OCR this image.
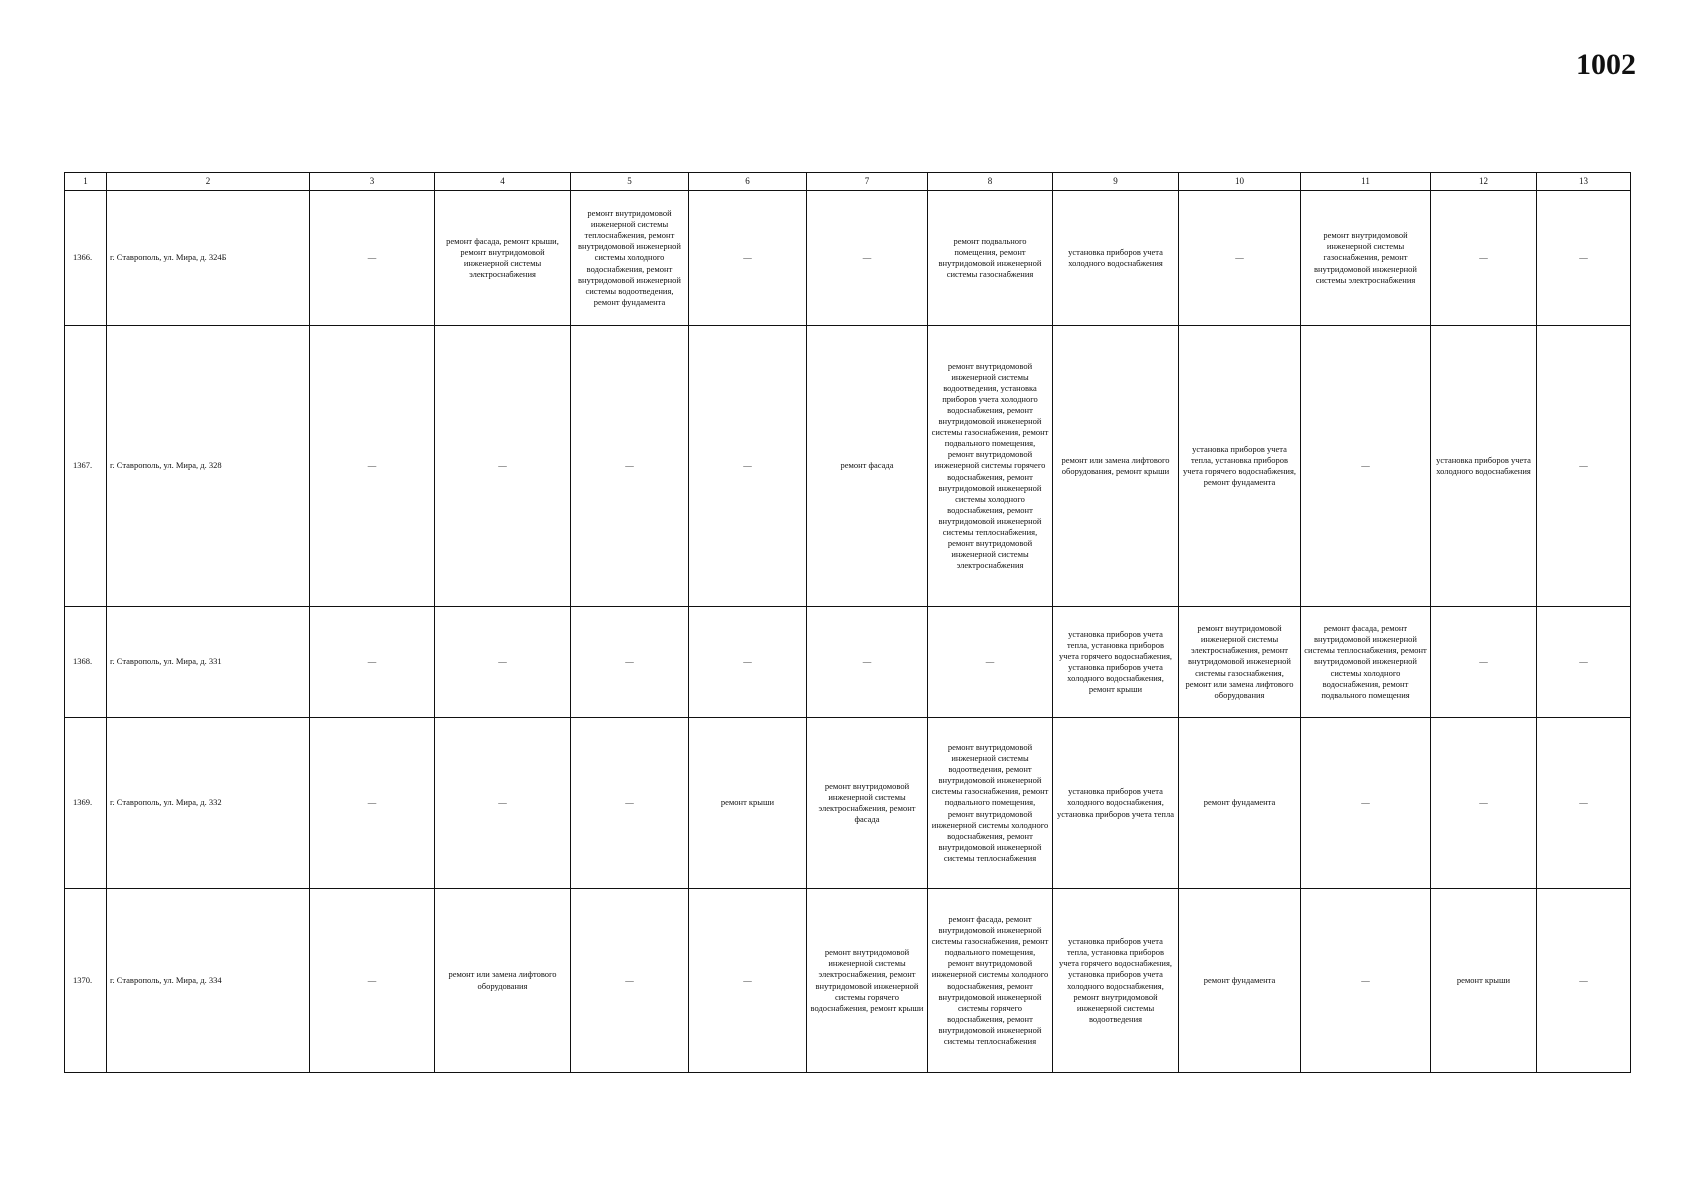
1002
1	2	3	4	5	6	7	8	9	10	11	12	13
1366.	г. Ставрополь, ул. Мира, д. 324Б	—	ремонт фасада, ремонт крыши, ремонт внутридомовой инженерной системы электроснабжения	ремонт внутридомовой инженерной системы теплоснабжения, ремонт внутридомовой инженерной системы холодного водоснабжения, ремонт внутридомовой инженерной системы водоотведения, ремонт фундамента	—	—	ремонт подвального помещения, ремонт внутридомовой инженерной системы газоснабжения	установка приборов учета холодного водоснабжения	—	ремонт внутридомовой инженерной системы газоснабжения, ремонт внутридомовой инженерной системы электроснабжения	—	—
1367.	г. Ставрополь, ул. Мира, д. 328	—	—	—	—	ремонт фасада	ремонт внутридомовой инженерной системы водоотведения, установка приборов учета холодного водоснабжения, ремонт внутридомовой инженерной системы газоснабжения, ремонт подвального помещения, ремонт внутридомовой инженерной системы горячего водоснабжения, ремонт внутридомовой инженерной системы холодного водоснабжения, ремонт внутридомовой инженерной системы теплоснабжения, ремонт внутридомовой инженерной системы электроснабжения	ремонт или замена лифтового оборудования, ремонт крыши	установка приборов учета тепла, установка приборов учета горячего водоснабжения, ремонт фундамента	—	установка приборов учета холодного водоснабжения	—
1368.	г. Ставрополь, ул. Мира, д. 331	—	—	—	—	—	—	установка приборов учета тепла, установка приборов учета горячего водоснабжения, установка приборов учета холодного водоснабжения, ремонт крыши	ремонт внутридомовой инженерной системы электроснабжения, ремонт внутридомовой инженерной системы газоснабжения, ремонт или замена лифтового оборудования	ремонт фасада, ремонт внутридомовой инженерной системы теплоснабжения, ремонт внутридомовой инженерной системы холодного водоснабжения, ремонт подвального помещения	—	—
1369.	г. Ставрополь, ул. Мира, д. 332	—	—	—	ремонт крыши	ремонт внутридомовой инженерной системы электроснабжения, ремонт фасада	ремонт внутридомовой инженерной системы водоотведения, ремонт внутридомовой инженерной системы газоснабжения, ремонт подвального помещения, ремонт внутридомовой инженерной системы холодного водоснабжения, ремонт внутридомовой инженерной системы теплоснабжения	установка приборов учета холодного водоснабжения, установка приборов учета тепла	ремонт фундамента	—	—	—
1370.	г. Ставрополь, ул. Мира, д. 334	—	ремонт или замена лифтового оборудования	—	—	ремонт внутридомовой инженерной системы электроснабжения, ремонт внутридомовой инженерной системы горячего водоснабжения, ремонт крыши	ремонт фасада, ремонт внутридомовой инженерной системы газоснабжения, ремонт подвального помещения, ремонт внутридомовой инженерной системы холодного водоснабжения, ремонт внутридомовой инженерной системы горячего водоснабжения, ремонт внутридомовой инженерной системы теплоснабжения	установка приборов учета тепла, установка приборов учета горячего водоснабжения, установка приборов учета холодного водоснабжения, ремонт внутридомовой инженерной системы водоотведения	ремонт фундамента	—	ремонт крыши	—
